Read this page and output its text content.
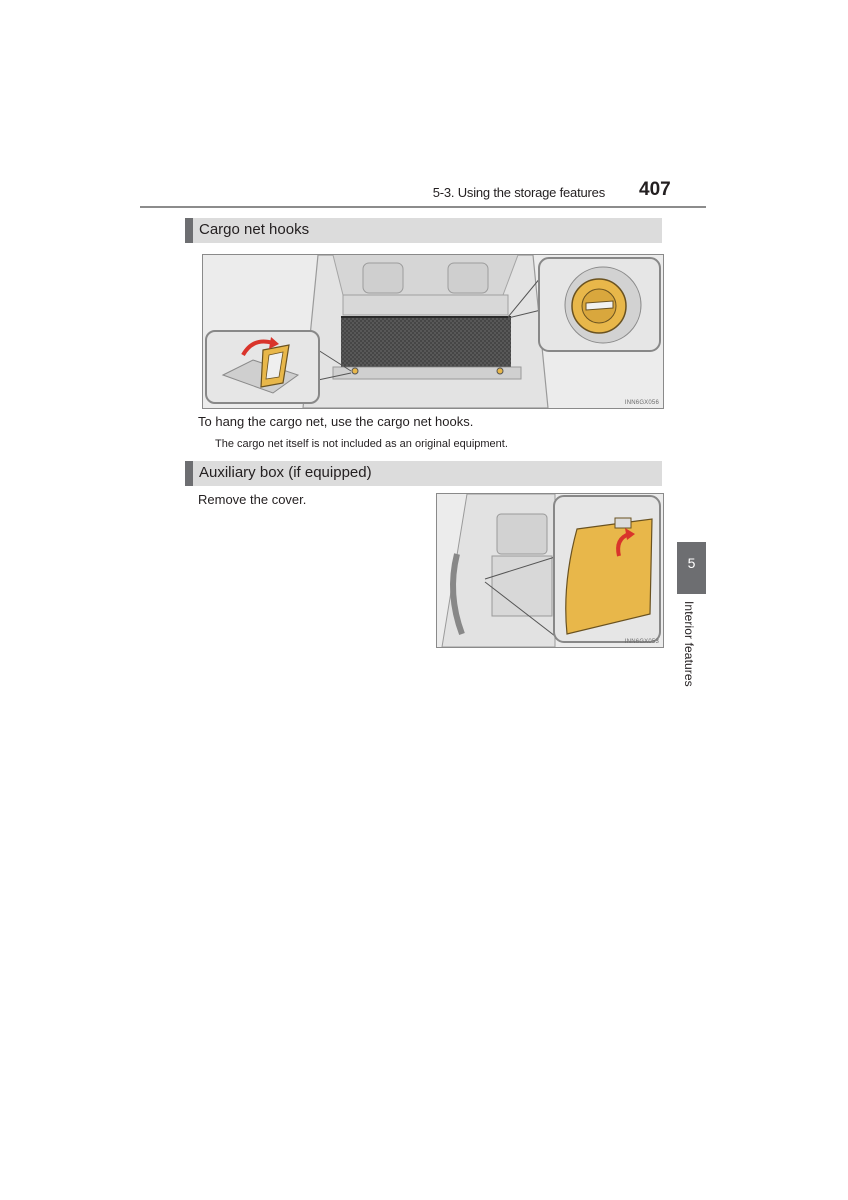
5-3. Using the storage features 407
Cargo net hooks
INN6GX056
To hang the cargo net, use the cargo net hooks.
The cargo net itself is not included as an original equipment.
Auxiliary box (if equipped)
Remove the cover.
INN6GX053
5
Interior features
